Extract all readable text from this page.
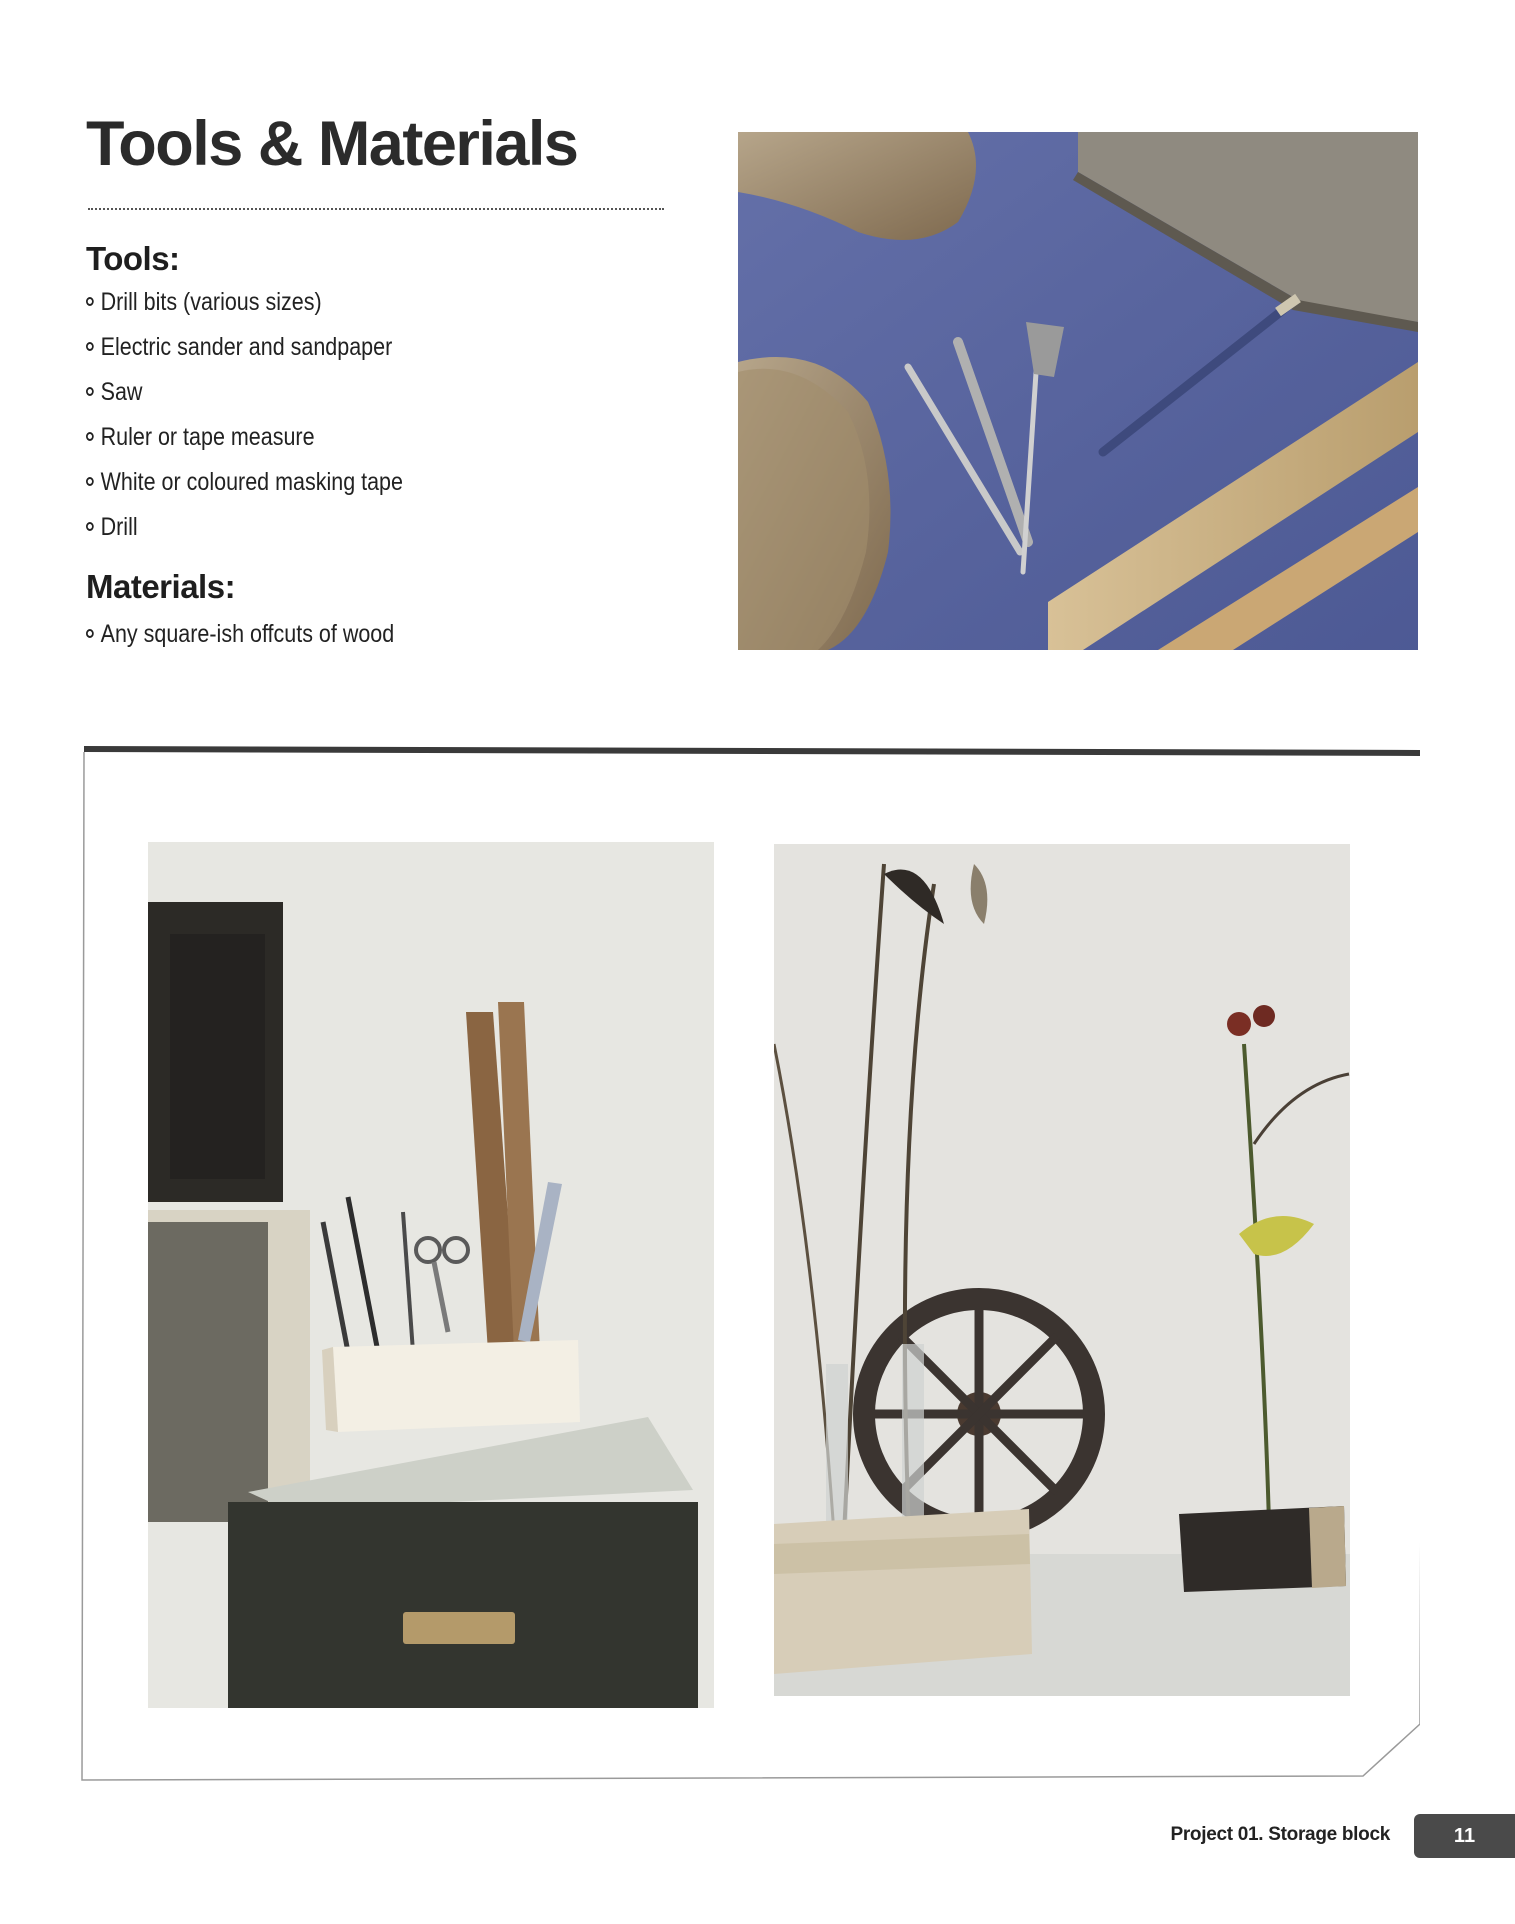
Tools & Materials
Tools:
Drill bits (various sizes)
Electric sander and sandpaper
Saw
Ruler or tape measure
White or coloured masking tape
Drill
Materials:
Any square-ish offcuts of wood
Project 01. Storage block	11
